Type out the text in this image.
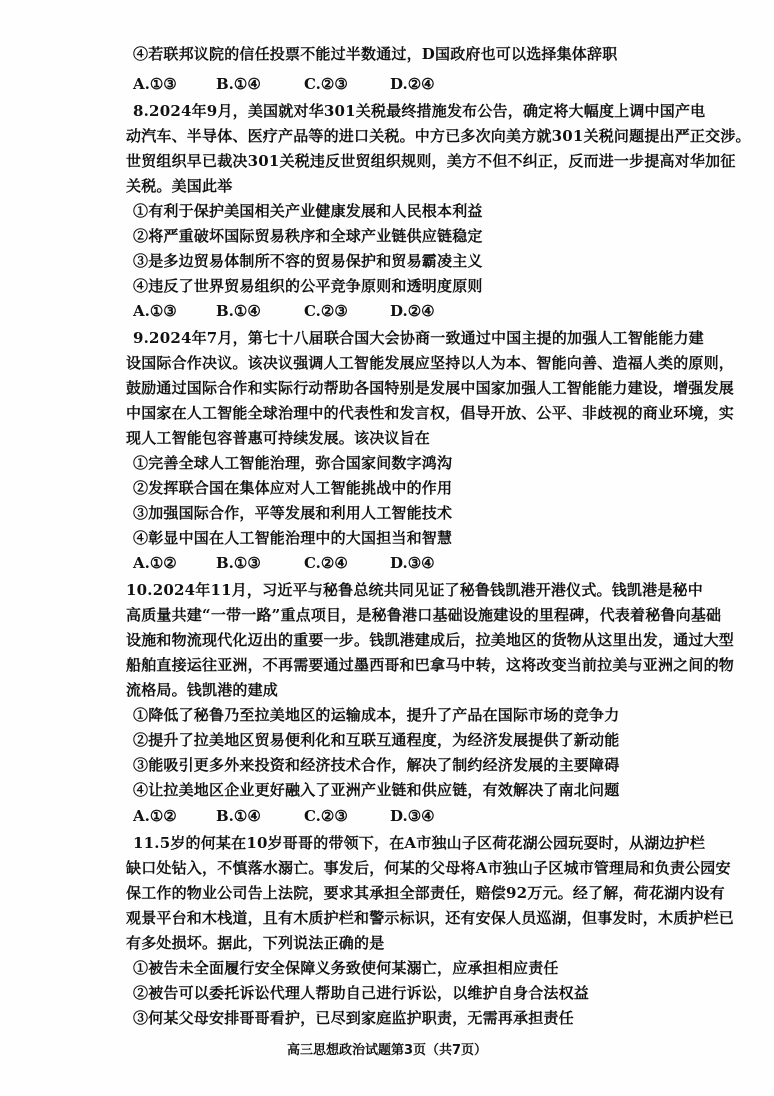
④若联邦议院的信任投票不能过半数通过，D国政府也可以选择集体辞职
A.①③	B.①④	C.②③	D.②④
8.2024年9月，美国就对华301关税最终措施发布公告，确定将大幅度上调中国产电
动汽车、半导体、医疗产品等的进口关税。中方已多次向美方就301关税问题提出严正交涉。
世贸组织早已裁决301关税违反世贸组织规则，美方不但不纠正，反而进一步提高对华加征
关税。美国此举
①有利于保护美国相关产业健康发展和人民根本利益
②将严重破坏国际贸易秩序和全球产业链供应链稳定
③是多边贸易体制所不容的贸易保护和贸易霸凌主义
④违反了世界贸易组织的公平竞争原则和透明度原则
A.①③	B.①④	C.②③	D.②④
9.2024年7月，第七十八届联合国大会协商一致通过中国主提的加强人工智能能力建
设国际合作决议。该决议强调人工智能发展应坚持以人为本、智能向善、造福人类的原则，
鼓励通过国际合作和实际行动帮助各国特别是发展中国家加强人工智能能力建设，增强发展
中国家在人工智能全球治理中的代表性和发言权，倡导开放、公平、非歧视的商业环境，实
现人工智能包容普惠可持续发展。该决议旨在
①完善全球人工智能治理，弥合国家间数字鸿沟
②发挥联合国在集体应对人工智能挑战中的作用
③加强国际合作，平等发展和利用人工智能技术
④彰显中国在人工智能治理中的大国担当和智慧
A.①②	B.①③	C.②④	D.③④
10.2024年11月，习近平与秘鲁总统共同见证了秘鲁钱凯港开港仪式。钱凯港是秘中
高质量共建“一带一路”重点项目，是秘鲁港口基础设施建设的里程碑，代表着秘鲁向基础
设施和物流现代化迈出的重要一步。钱凯港建成后，拉美地区的货物从这里出发，通过大型
船舶直接运往亚洲，不再需要通过墨西哥和巴拿马中转，这将改变当前拉美与亚洲之间的物
流格局。钱凯港的建成
①降低了秘鲁乃至拉美地区的运输成本，提升了产品在国际市场的竞争力
②提升了拉美地区贸易便利化和互联互通程度，为经济发展提供了新动能
③能吸引更多外来投资和经济技术合作，解决了制约经济发展的主要障碍
④让拉美地区企业更好融入了亚洲产业链和供应链，有效解决了南北问题
A.①②	B.①④	C.②③	D.③④
11.5岁的何某在10岁哥哥的带领下，在A市独山子区荷花湖公园玩耍时，从湖边护栏
缺口处钻入，不慎落水溺亡。事发后，何某的父母将A市独山子区城市管理局和负责公园安
保工作的物业公司告上法院，要求其承担全部责任，赔偿92万元。经了解，荷花湖内设有
观景平台和木栈道，且有木质护栏和警示标识，还有安保人员巡湖，但事发时，木质护栏已
有多处损坏。据此，下列说法正确的是
①被告未全面履行安全保障义务致使何某溺亡，应承担相应责任
②被告可以委托诉讼代理人帮助自己进行诉讼，以维护自身合法权益
③何某父母安排哥哥看护，已尽到家庭监护职责，无需再承担责任
高三思想政治试题第3页（共7页）
